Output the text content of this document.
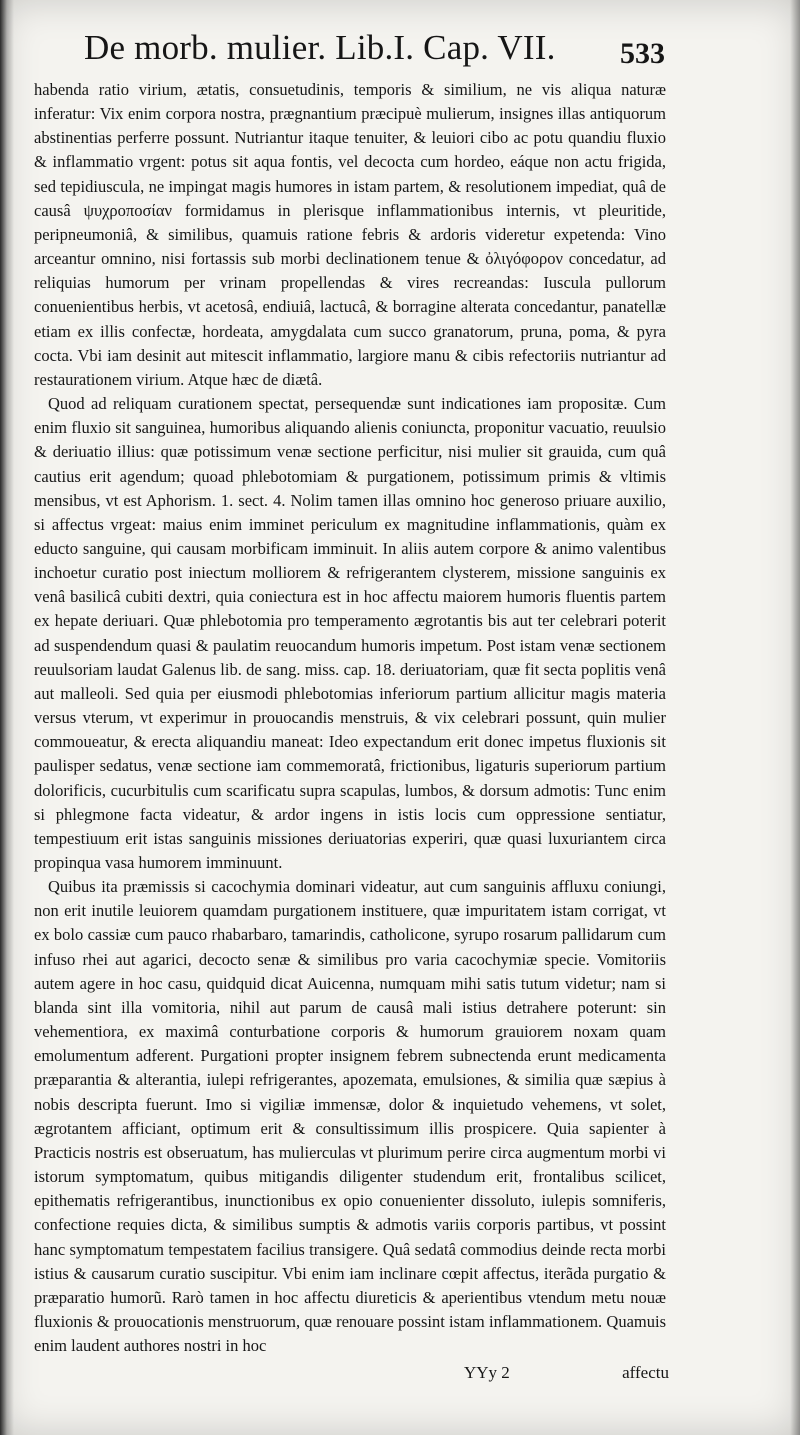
De morb. mulier. Lib.I. Cap. VII.	533

habenda ratio virium, ætatis, consuetudinis, temporis & similium, ne vis aliqua naturæ inferatur: Vix enim corpora nostra, prægnantium præcipuè mulierum, insignes illas antiquorum abstinentias perferre possunt. Nutriantur itaque tenuiter, & leuiori cibo ac potu quandiu fluxio & inflammatio vrgent: potus sit aqua fontis, vel decocta cum hordeo, eáque non actu frigida, sed tepidiuscula, ne impingat magis humores in istam partem, & resolutionem impediat, quâ de causâ ψυχροποσίαν formidamus in plerisque inflammationibus internis, vt pleuritide, peripneumoniâ, & similibus, quamuis ratione febris & ardoris videretur expetenda: Vino arceantur omnino, nisi fortassis sub morbi declinationem tenue & ὀλιγόφορον concedatur, ad reliquias humorum per vrinam propellendas & vires recreandas: Iuscula pullorum conuenientibus herbis, vt acetosâ, endiuiâ, lactucâ, & borragine alterata concedantur, panatellæ etiam ex illis confectæ, hordeata, amygdalata cum succo granatorum, pruna, poma, & pyra cocta. Vbi iam desinit aut mitescit inflammatio, largiore manu & cibis refectoriis nutriantur ad restaurationem virium. Atque hæc de diætâ.

Quod ad reliquam curationem spectat, persequendæ sunt indicationes iam propositæ. Cum enim fluxio sit sanguinea, humoribus aliquando alienis coniuncta, proponitur vacuatio, reuulsio & deriuatio illius: quæ potissimum venæ sectione perficitur, nisi mulier sit grauida, cum quâ cautius erit agendum; quoad phlebotomiam & purgationem, potissimum primis & vltimis mensibus, vt est Aphorism. 1. sect. 4. Nolim tamen illas omnino hoc generoso priuare auxilio, si affectus vrgeat: maius enim imminet periculum ex magnitudine inflammationis, quàm ex educto sanguine, qui causam morbificam imminuit. In aliis autem corpore & animo valentibus inchoetur curatio post iniectum molliorem & refrigerantem clysterem, missione sanguinis ex venâ basilicâ cubiti dextri, quia coniectura est in hoc affectu maiorem humoris fluentis partem ex hepate deriuari. Quæ phlebotomia pro temperamento ægrotantis bis aut ter celebrari poterit ad suspendendum quasi & paulatim reuocandum humoris impetum. Post istam venæ sectionem reuulsoriam laudat Galenus lib. de sang. miss. cap. 18. deriuatoriam, quæ fit secta poplitis venâ aut malleoli. Sed quia per eiusmodi phlebotomias inferiorum partium allicitur magis materia versus vterum, vt experimur in prouocandis menstruis, & vix celebrari possunt, quin mulier commoueatur, & erecta aliquandiu maneat: Ideo expectandum erit donec impetus fluxionis sit paulisper sedatus, venæ sectione iam commemoratâ, frictionibus, ligaturis superiorum partium dolorificis, cucurbitulis cum scarificatu supra scapulas, lumbos, & dorsum admotis: Tunc enim si phlegmone facta videatur, & ardor ingens in istis locis cum oppressione sentiatur, tempestiuum erit istas sanguinis missiones deriuatorias experiri, quæ quasi luxuriantem circa propinqua vasa humorem imminuunt.

Quibus ita præmissis si cacochymia dominari videatur, aut cum sanguinis affluxu coniungi, non erit inutile leuiorem quamdam purgationem instituere, quæ impuritatem istam corrigat, vt ex bolo cassiæ cum pauco rhabarbaro, tamarindis, catholicone, syrupo rosarum pallidarum cum infuso rhei aut agarici, decocto senæ & similibus pro varia cacochymiæ specie. Vomitoriis autem agere in hoc casu, quidquid dicat Auicenna, numquam mihi satis tutum videtur; nam si blanda sint illa vomitoria, nihil aut parum de causâ mali istius detrahere poterunt: sin vehementiora, ex maximâ conturbatione corporis & humorum grauiorem noxam quam emolumentum adferent. Purgationi propter insignem febrem subnectenda erunt medicamenta præparantia & alterantia, iulepi refrigerantes, apozemata, emulsiones, & similia quæ sæpius à nobis descripta fuerunt. Imo si vigiliæ immensæ, dolor & inquietudo vehemens, vt solet, ægrotantem afficiant, optimum erit & consultissimum illis prospicere. Quia sapienter à Practicis nostris est obseruatum, has mulierculas vt plurimum perire circa augmentum morbi vi istorum symptomatum, quibus mitigandis diligenter studendum erit, frontalibus scilicet, epithematis refrigerantibus, inunctionibus ex opio conuenienter dissoluto, iulepis somniferis, confectione requies dicta, & similibus sumptis & admotis variis corporis partibus, vt possint hanc symptomatum tempestatem facilius transigere. Quâ sedatâ commodius deinde recta morbi istius & causarum curatio suscipitur. Vbi enim iam inclinare cœpit affectus, iterãda purgatio & præparatio humorũ. Rarò tamen in hoc affectu diureticis & aperientibus vtendum metu nouæ fluxionis & prouocationis menstruorum, quæ renouare possint istam inflammationem. Quamuis enim laudent authores nostri in hoc

YYy 2	affectu
